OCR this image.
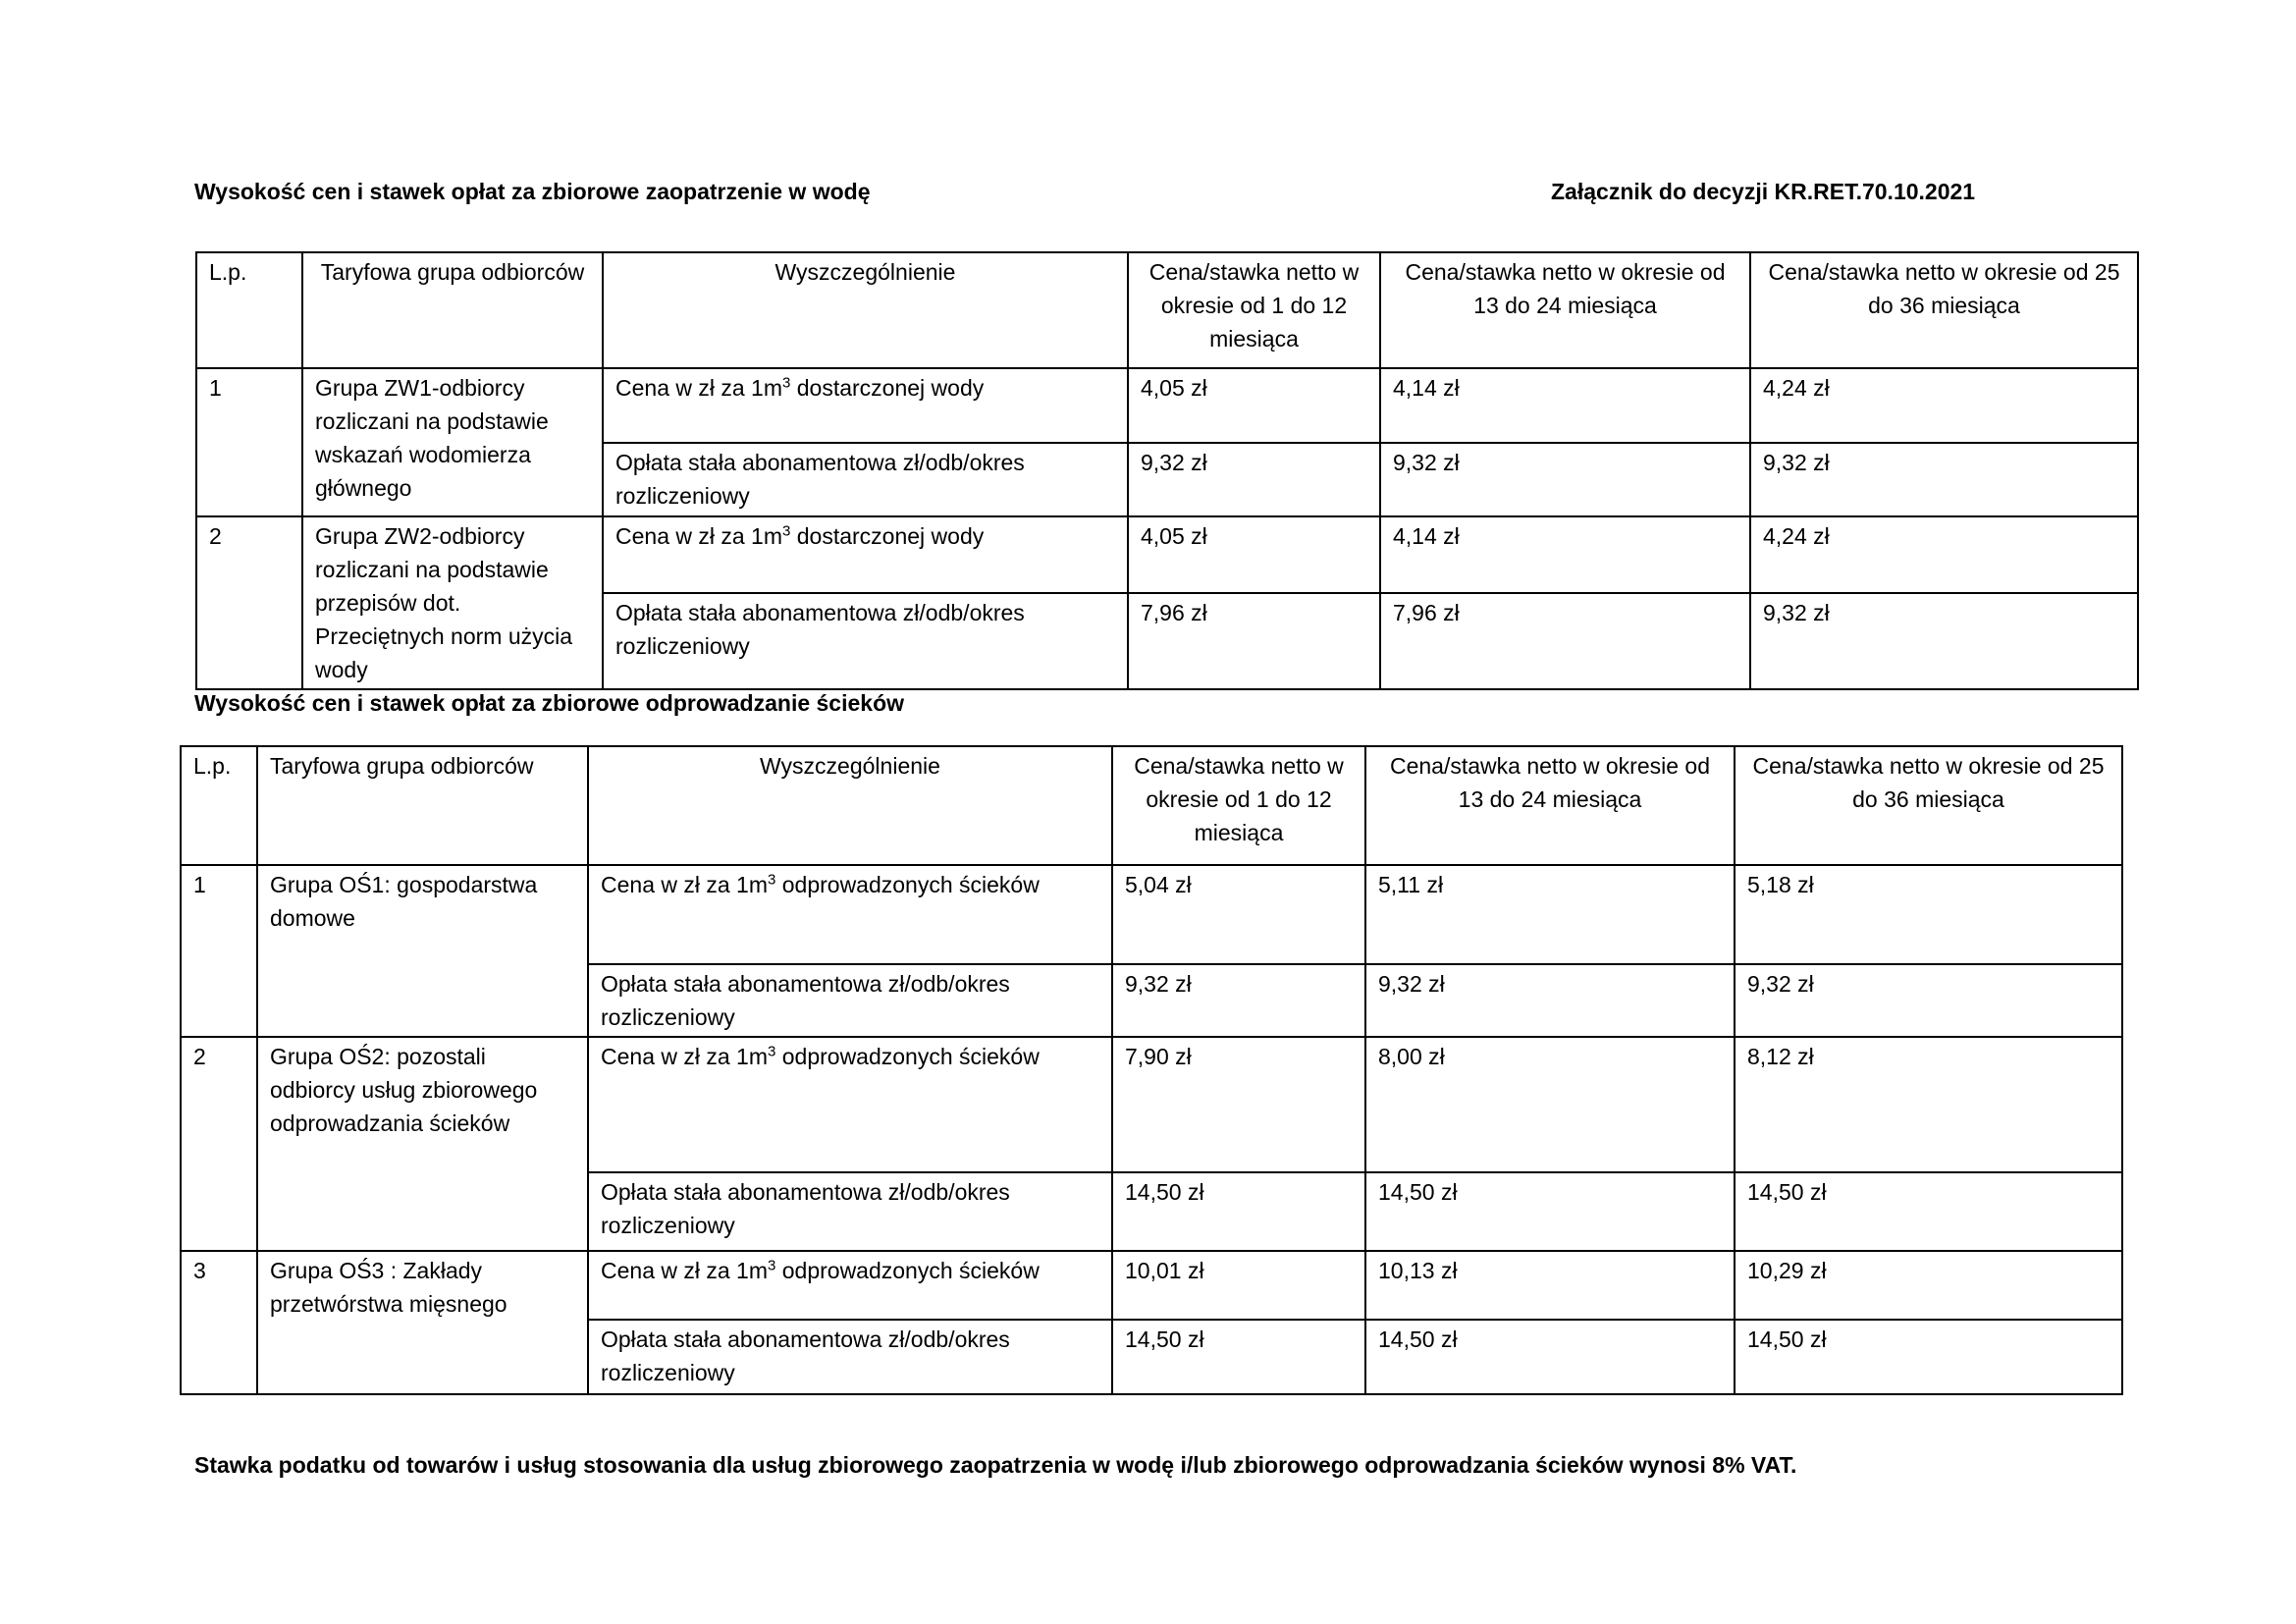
Wysokość cen i stawek opłat za zbiorowe zaopatrzenie w wodę	Załącznik do decyzji KR.RET.70.10.2021
L.p.	Taryfowa grupa odbiorców	Wyszczególnienie	Cena/stawka netto w okresie od 1 do 12 miesiąca	Cena/stawka netto w okresie od 13 do 24 miesiąca	Cena/stawka netto w okresie od 25 do 36 miesiąca
1	Grupa ZW1-odbiorcy rozliczani na podstawie wskazań wodomierza głównego	Cena w zł za $1m^3$ dostarczonej wody	4,05 zł	4,14 zł	4,24 zł
		Opłata stała abonamentowa zł/odb/okres rozliczeniowy	9,32 zł	9,32 zł	9,32 zł
2	Grupa ZW2-odbiorcy rozliczani na podstawie przepisów dot. Przeciętnych norm użycia wody	Cena w zł za $1m^3$ dostarczonej wody	4,05 zł	4,14 zł	4,24 zł
		Opłata stała abonamentowa zł/odb/okres rozliczeniowy	7,96 zł	7,96 zł	9,32 zł
Wysokość cen i stawek opłat za zbiorowe odprowadzanie ścieków
L.p.	Taryfowa grupa odbiorców	Wyszczególnienie	Cena/stawka netto w okresie od 1 do 12 miesiąca	Cena/stawka netto w okresie od 13 do 24 miesiąca	Cena/stawka netto w okresie od 25 do 36 miesiąca
1	Grupa OŚ1: gospodarstwa domowe	Cena w zł za $1m^3$ odprowadzonych ścieków	5,04 zł	5,11 zł	5,18 zł
		Opłata stała abonamentowa zł/odb/okres rozliczeniowy	9,32 zł	9,32 zł	9,32 zł
2	Grupa OŚ2: pozostali odbiorcy usług zbiorowego odprowadzania ścieków	Cena w zł za $1m^3$ odprowadzonych ścieków	7,90 zł	8,00 zł	8,12 zł
		Opłata stała abonamentowa zł/odb/okres rozliczeniowy	14,50 zł	14,50 zł	14,50 zł
3	Grupa OŚ3 : Zakłady przetwórstwa mięsnego	Cena w zł za $1m^3$ odprowadzonych ścieków	10,01 zł	10,13 zł	10,29 zł
		Opłata stała abonamentowa zł/odb/okres rozliczeniowy	14,50 zł	14,50 zł	14,50 zł
Stawka podatku od towarów i usług stosowania dla usług zbiorowego zaopatrzenia w wodę i/lub zbiorowego odprowadzania ścieków wynosi 8% VAT.
